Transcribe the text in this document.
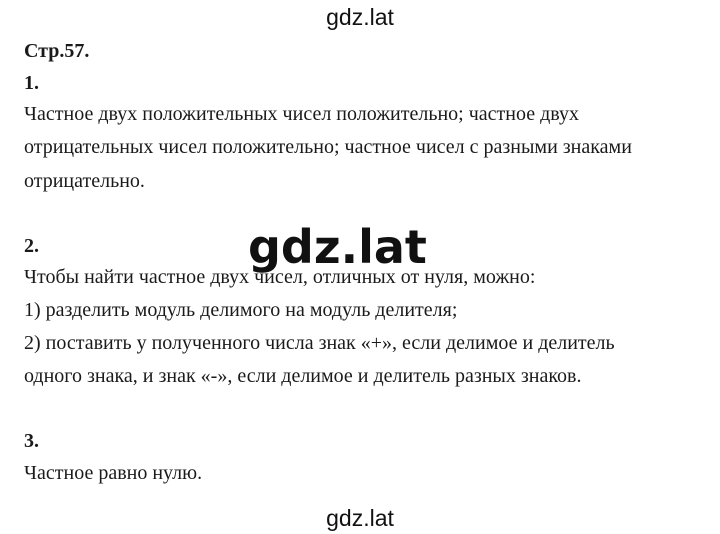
gdz.lat
Стр.57.
1.
Частное двух положительных чисел положительно; частное двух
отрицательных чисел положительно; частное чисел с разными знаками
отрицательно.
2.
Чтобы найти частное двух чисел, отличных от нуля, можно:
1) разделить модуль делимого на модуль делителя;
2) поставить у полученного числа знак «+», если делимое и делитель
одного знака, и знак «-», если делимое и делитель разных знаков.
3.
Частное равно нулю.
gdz.lat
gdz.lat
